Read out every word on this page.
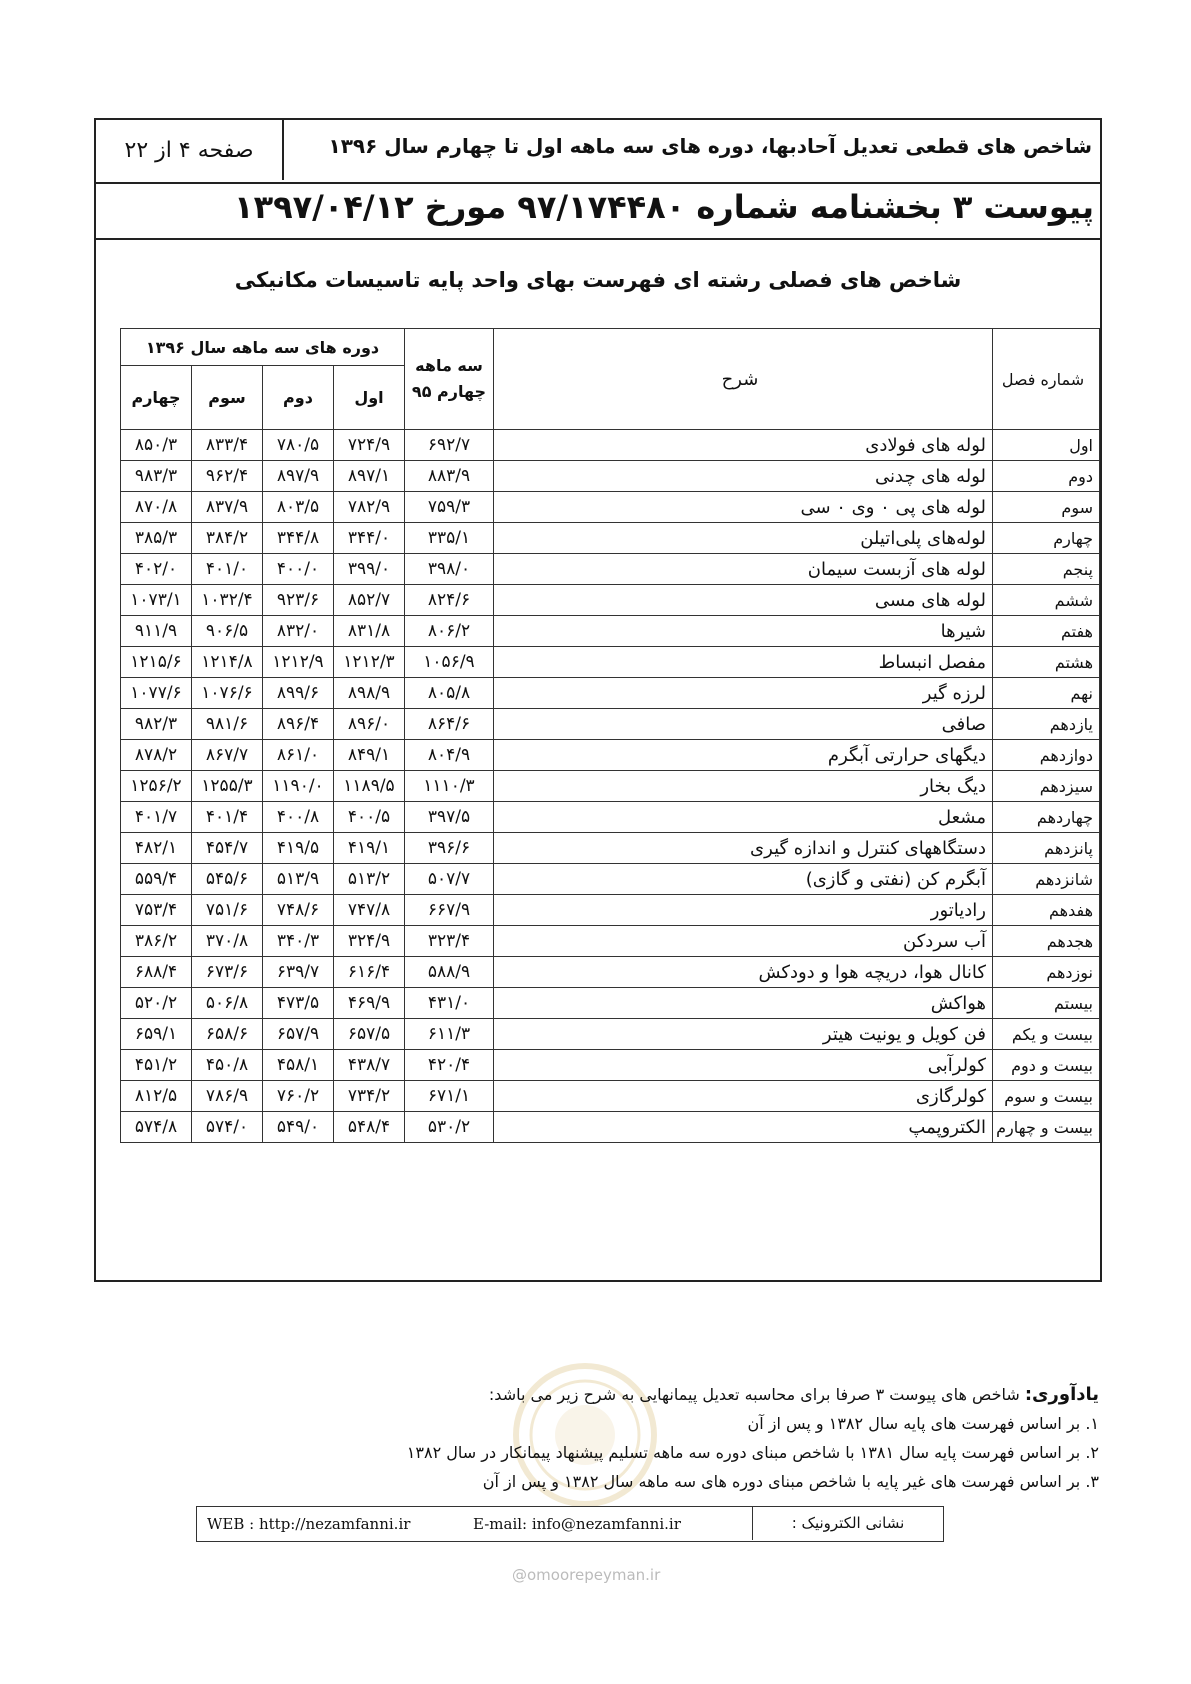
شاخص های قطعی تعدیل آحادبها، دوره های سه ماهه اول تا چهارم سال ۱۳۹۶
صفحه ۴ از ۲۲
پیوست ۳ بخشنامه شماره ۹۷/۱۷۴۴۸۰ مورخ ۱۳۹۷/۰۴/۱۲
شاخص های فصلی رشته ای فهرست بهای واحد پایه تاسیسات مکانیکی
شماره فصل	شرح	سه ماهه چهارم ۹۵	دوره های سه ماهه سال ۱۳۹۶			
			اول	دوم	سوم	چهارم
اول	لوله های فولادی	۶۹۲/۷	۷۲۴/۹	۷۸۰/۵	۸۳۳/۴	۸۵۰/۳
دوم	لوله های چدنی	۸۸۳/۹	۸۹۷/۱	۸۹۷/۹	۹۶۲/۴	۹۸۳/۳
سوم	لوله های پی ۰ وی ۰ سی	۷۵۹/۳	۷۸۲/۹	۸۰۳/۵	۸۳۷/۹	۸۷۰/۸
چهارم	لوله‌های پلی‌اتیلن	۳۳۵/۱	۳۴۴/۰	۳۴۴/۸	۳۸۴/۲	۳۸۵/۳
پنجم	لوله های آزبست سیمان	۳۹۸/۰	۳۹۹/۰	۴۰۰/۰	۴۰۱/۰	۴۰۲/۰
ششم	لوله های مسی	۸۲۴/۶	۸۵۲/۷	۹۲۳/۶	۱۰۳۲/۴	۱۰۷۳/۱
هفتم	شیرها	۸۰۶/۲	۸۳۱/۸	۸۳۲/۰	۹۰۶/۵	۹۱۱/۹
هشتم	مفصل انبساط	۱۰۵۶/۹	۱۲۱۲/۳	۱۲۱۲/۹	۱۲۱۴/۸	۱۲۱۵/۶
نهم	لرزه گیر	۸۰۵/۸	۸۹۸/۹	۸۹۹/۶	۱۰۷۶/۶	۱۰۷۷/۶
یازدهم	صافی	۸۶۴/۶	۸۹۶/۰	۸۹۶/۴	۹۸۱/۶	۹۸۲/۳
دوازدهم	دیگهای حرارتی آبگرم	۸۰۴/۹	۸۴۹/۱	۸۶۱/۰	۸۶۷/۷	۸۷۸/۲
سیزدهم	دیگ بخار	۱۱۱۰/۳	۱۱۸۹/۵	۱۱۹۰/۰	۱۲۵۵/۳	۱۲۵۶/۲
چهاردهم	مشعل	۳۹۷/۵	۴۰۰/۵	۴۰۰/۸	۴۰۱/۴	۴۰۱/۷
پانزدهم	دستگاههای کنترل و اندازه گیری	۳۹۶/۶	۴۱۹/۱	۴۱۹/۵	۴۵۴/۷	۴۸۲/۱
شانزدهم	آبگرم کن (نفتی و گازی)	۵۰۷/۷	۵۱۳/۲	۵۱۳/۹	۵۴۵/۶	۵۵۹/۴
هفدهم	رادیاتور	۶۶۷/۹	۷۴۷/۸	۷۴۸/۶	۷۵۱/۶	۷۵۳/۴
هجدهم	آب سردکن	۳۲۳/۴	۳۲۴/۹	۳۴۰/۳	۳۷۰/۸	۳۸۶/۲
نوزدهم	کانال هوا، دریچه هوا و دودکش	۵۸۸/۹	۶۱۶/۴	۶۳۹/۷	۶۷۳/۶	۶۸۸/۴
بیستم	هواکش	۴۳۱/۰	۴۶۹/۹	۴۷۳/۵	۵۰۶/۸	۵۲۰/۲
بیست و یکم	فن کویل و یونیت هیتر	۶۱۱/۳	۶۵۷/۵	۶۵۷/۹	۶۵۸/۶	۶۵۹/۱
بیست و دوم	کولرآبی	۴۲۰/۴	۴۳۸/۷	۴۵۸/۱	۴۵۰/۸	۴۵۱/۲
بیست و سوم	کولرگازی	۶۷۱/۱	۷۳۴/۲	۷۶۰/۲	۷۸۶/۹	۸۱۲/۵
بیست و چهارم	الکتروپمپ	۵۳۰/۲	۵۴۸/۴	۵۴۹/۰	۵۷۴/۰	۵۷۴/۸
یادآوری: شاخص های پیوست ۳ صرفا برای محاسبه تعدیل پیمانهایی به شرح زیر می باشد:
۱. بر اساس فهرست های پایه سال ۱۳۸۲ و پس از آن
۲. بر اساس فهرست پایه سال ۱۳۸۱ با شاخص مبنای دوره سه ماهه تسلیم پیشنهاد پیمانکار در سال ۱۳۸۲
۳. بر اساس فهرست های غیر پایه با شاخص مبنای دوره های سه ماهه سال ۱۳۸۲ و پس از آن
نشانی الکترونیک :
WEB : http://nezamfanni.ir	E-mail: info@nezamfanni.ir
@omoorepeyman.ir
